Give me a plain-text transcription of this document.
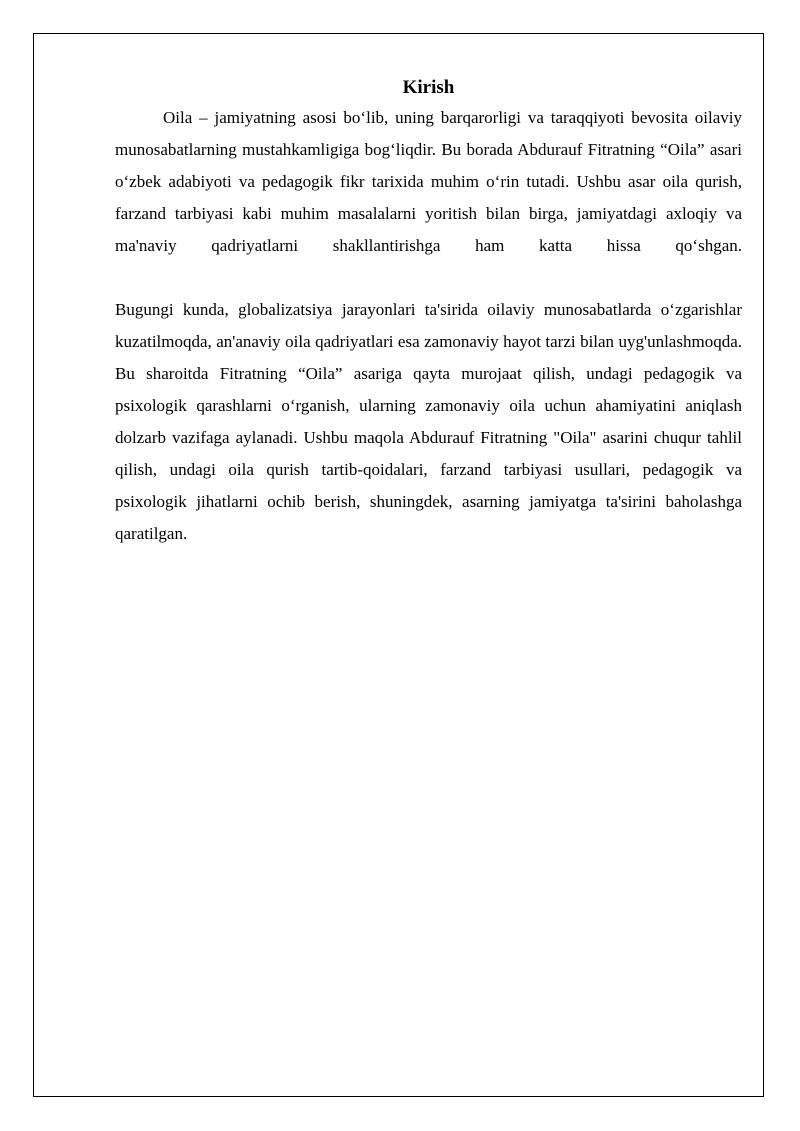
Kirish

Oila – jamiyatning asosi bo‘lib, uning barqarorligi va taraqqiyoti bevosita oilaviy munosabatlarning mustahkamligiga bog‘liqdir. Bu borada Abdurauf Fitratning “Oila” asari o‘zbek adabiyoti va pedagogik fikr tarixida muhim o‘rin tutadi. Ushbu asar oila qurish, farzand tarbiyasi kabi muhim masalalarni yoritish bilan birga, jamiyatdagi axloqiy va ma'naviy qadriyatlarni shakllantirishga ham katta hissa qo‘shgan.

Bugungi kunda, globalizatsiya jarayonlari ta'sirida oilaviy munosabatlarda o‘zgarishlar kuzatilmoqda, an'anaviy oila qadriyatlari esa zamonaviy hayot tarzi bilan uyg'unlashmoqda. Bu sharoitda Fitratning “Oila” asariga qayta murojaat qilish, undagi pedagogik va psixologik qarashlarni o‘rganish, ularning zamonaviy oila uchun ahamiyatini aniqlash dolzarb vazifaga aylanadi. Ushbu maqola Abdurauf Fitratning "Oila" asarini chuqur tahlil qilish, undagi oila qurish tartib-qoidalari, farzand tarbiyasi usullari, pedagogik va psixologik jihatlarni ochib berish, shuningdek, asarning jamiyatga ta'sirini baholashga qaratilgan.
